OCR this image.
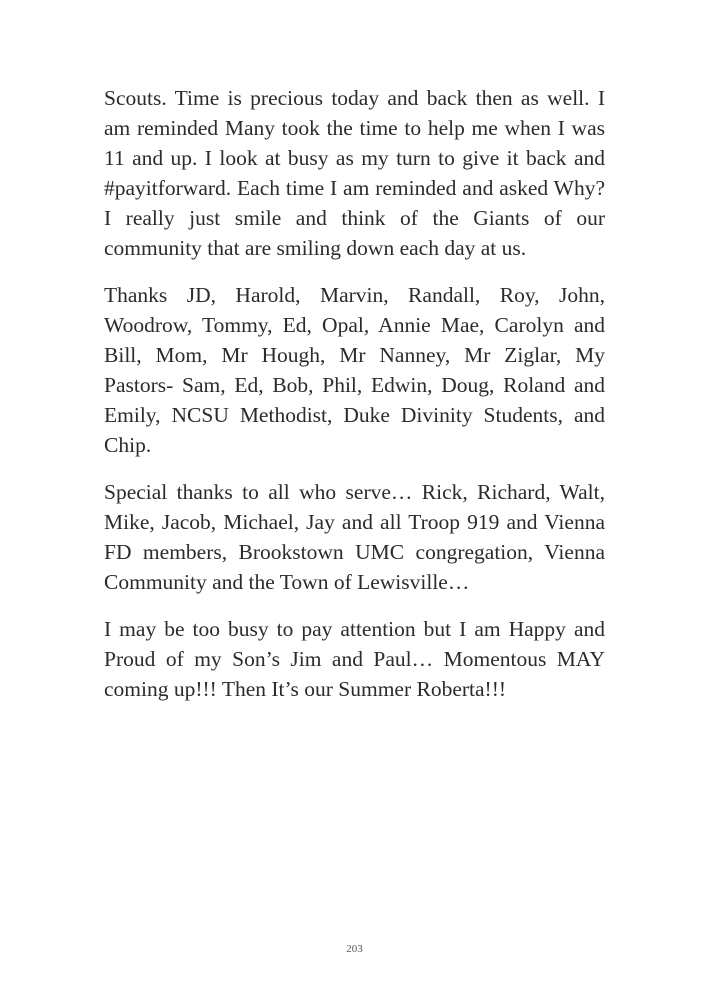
Scouts. Time is precious today and back then as well. I am reminded Many took the time to help me when I was 11 and up. I look at busy as my turn to give it back and #payitforward. Each time I am reminded and asked Why? I really just smile and think of the Giants of our community that are smiling down each day at us.

Thanks JD, Harold, Marvin, Randall, Roy, John, Woodrow, Tommy, Ed, Opal, Annie Mae, Carolyn and Bill, Mom, Mr Hough, Mr Nanney, Mr Ziglar, My Pastors- Sam, Ed, Bob, Phil, Edwin, Doug, Roland and Emily, NCSU Methodist, Duke Divinity Students, and Chip.

Special thanks to all who serve… Rick, Richard, Walt, Mike, Jacob, Michael, Jay and all Troop 919 and Vienna FD members, Brookstown UMC congregation, Vienna Community and the Town of Lewisville…

I may be too busy to pay attention but I am Happy and Proud of my Son’s Jim and Paul… Momentous MAY coming up!!! Then It’s our Summer Roberta!!!

203
